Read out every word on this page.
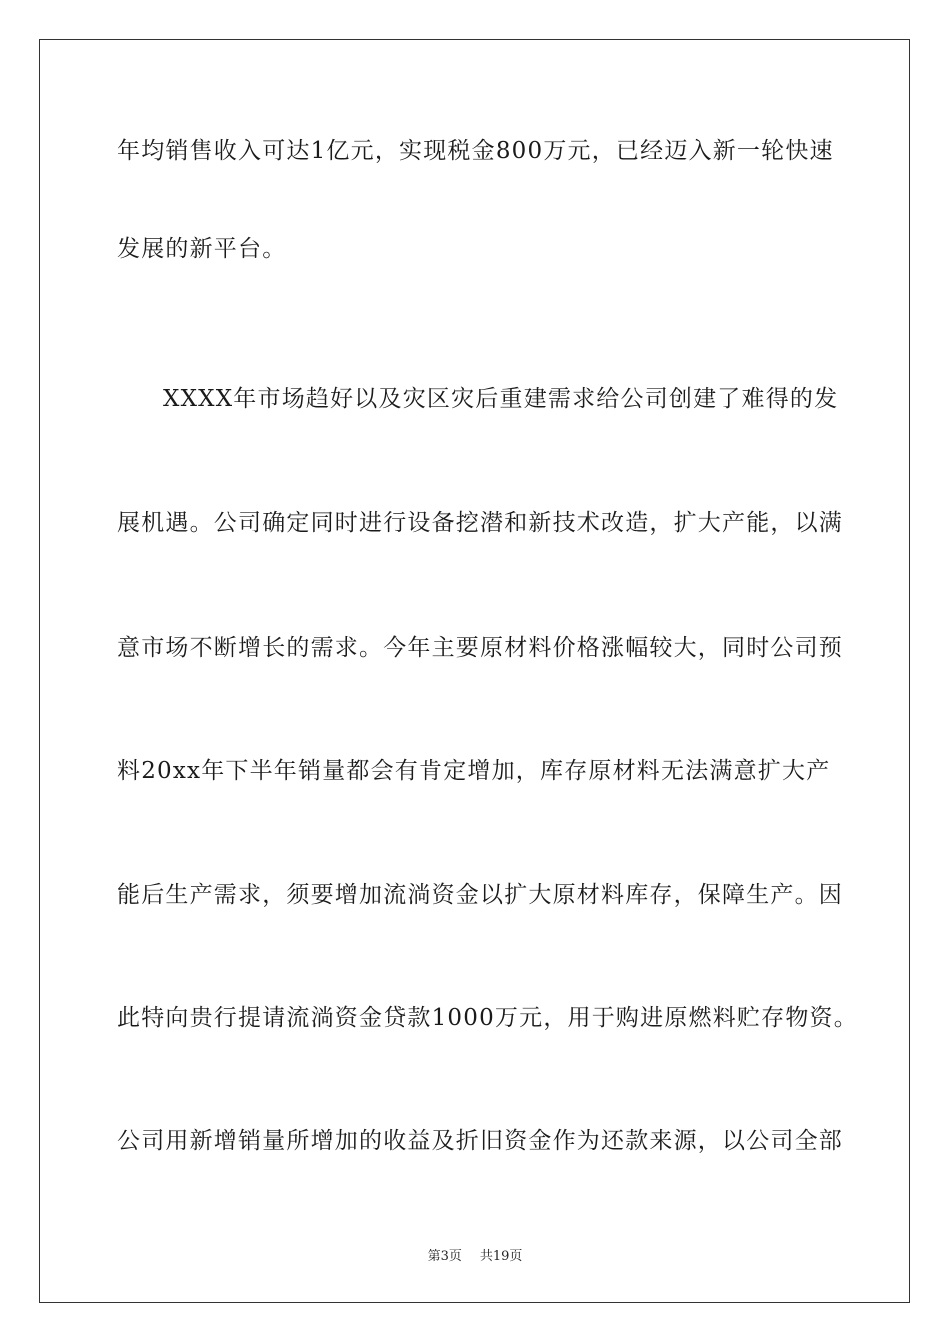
年均销售收入可达1亿元，实现税金800万元，已经迈入新一轮快速
发展的新平台。
XXXX年市场趋好以及灾区灾后重建需求给公司创建了难得的发
展机遇。公司确定同时进行设备挖潜和新技术改造，扩大产能，以满
意市场不断增长的需求。今年主要原材料价格涨幅较大，同时公司预
料20xx年下半年销量都会有肯定增加，库存原材料无法满意扩大产
能后生产需求，须要增加流淌资金以扩大原材料库存，保障生产。因
此特向贵行提请流淌资金贷款1000万元，用于购进原燃料贮存物资。
公司用新增销量所增加的收益及折旧资金作为还款来源，以公司全部
第3页 共19页
